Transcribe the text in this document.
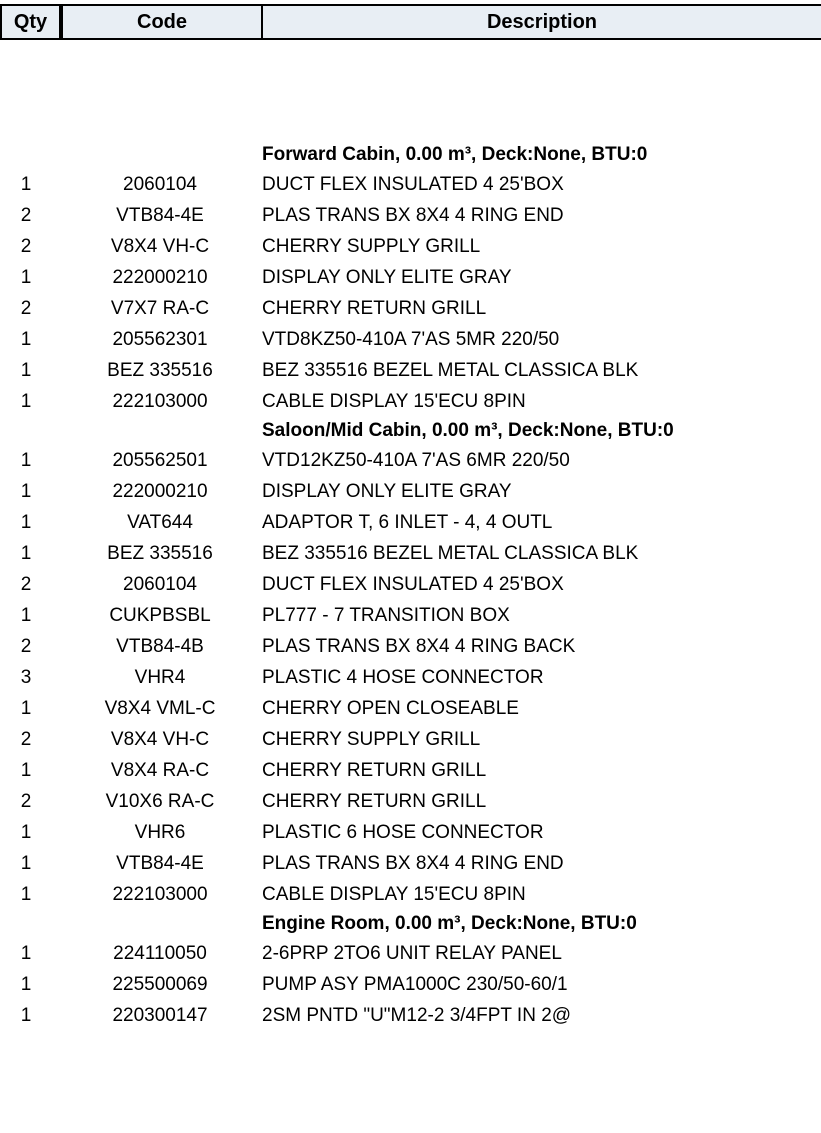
Qty	Code	Description
Forward Cabin, 0.00 m³, Deck:None, BTU:0
1	2060104	DUCT FLEX INSULATED 4 25'BOX
2	VTB84-4E	PLAS TRANS BX 8X4 4 RING END
2	V8X4 VH-C	CHERRY SUPPLY GRILL
1	222000210	DISPLAY ONLY ELITE GRAY
2	V7X7 RA-C	CHERRY RETURN GRILL
1	205562301	VTD8KZ50-410A 7'AS 5MR 220/50
1	BEZ 335516	BEZ 335516 BEZEL METAL CLASSICA BLK
1	222103000	CABLE DISPLAY 15'ECU 8PIN
Saloon/Mid Cabin, 0.00 m³, Deck:None, BTU:0
1	205562501	VTD12KZ50-410A 7'AS 6MR 220/50
1	222000210	DISPLAY ONLY ELITE GRAY
1	VAT644	ADAPTOR T, 6 INLET - 4, 4 OUTL
1	BEZ 335516	BEZ 335516 BEZEL METAL CLASSICA BLK
2	2060104	DUCT FLEX INSULATED 4 25'BOX
1	CUKPBSBL	PL777 - 7 TRANSITION BOX
2	VTB84-4B	PLAS TRANS BX 8X4 4 RING BACK
3	VHR4	PLASTIC 4 HOSE CONNECTOR
1	V8X4 VML-C	CHERRY OPEN CLOSEABLE
2	V8X4 VH-C	CHERRY SUPPLY GRILL
1	V8X4 RA-C	CHERRY RETURN GRILL
2	V10X6 RA-C	CHERRY RETURN GRILL
1	VHR6	PLASTIC 6 HOSE CONNECTOR
1	VTB84-4E	PLAS TRANS BX 8X4 4 RING END
1	222103000	CABLE DISPLAY 15'ECU 8PIN
Engine Room, 0.00 m³, Deck:None, BTU:0
1	224110050	2-6PRP 2TO6 UNIT RELAY PANEL
1	225500069	PUMP ASY PMA1000C 230/50-60/1
1	220300147	2SM PNTD "U"M12-2 3/4FPT IN 2@
